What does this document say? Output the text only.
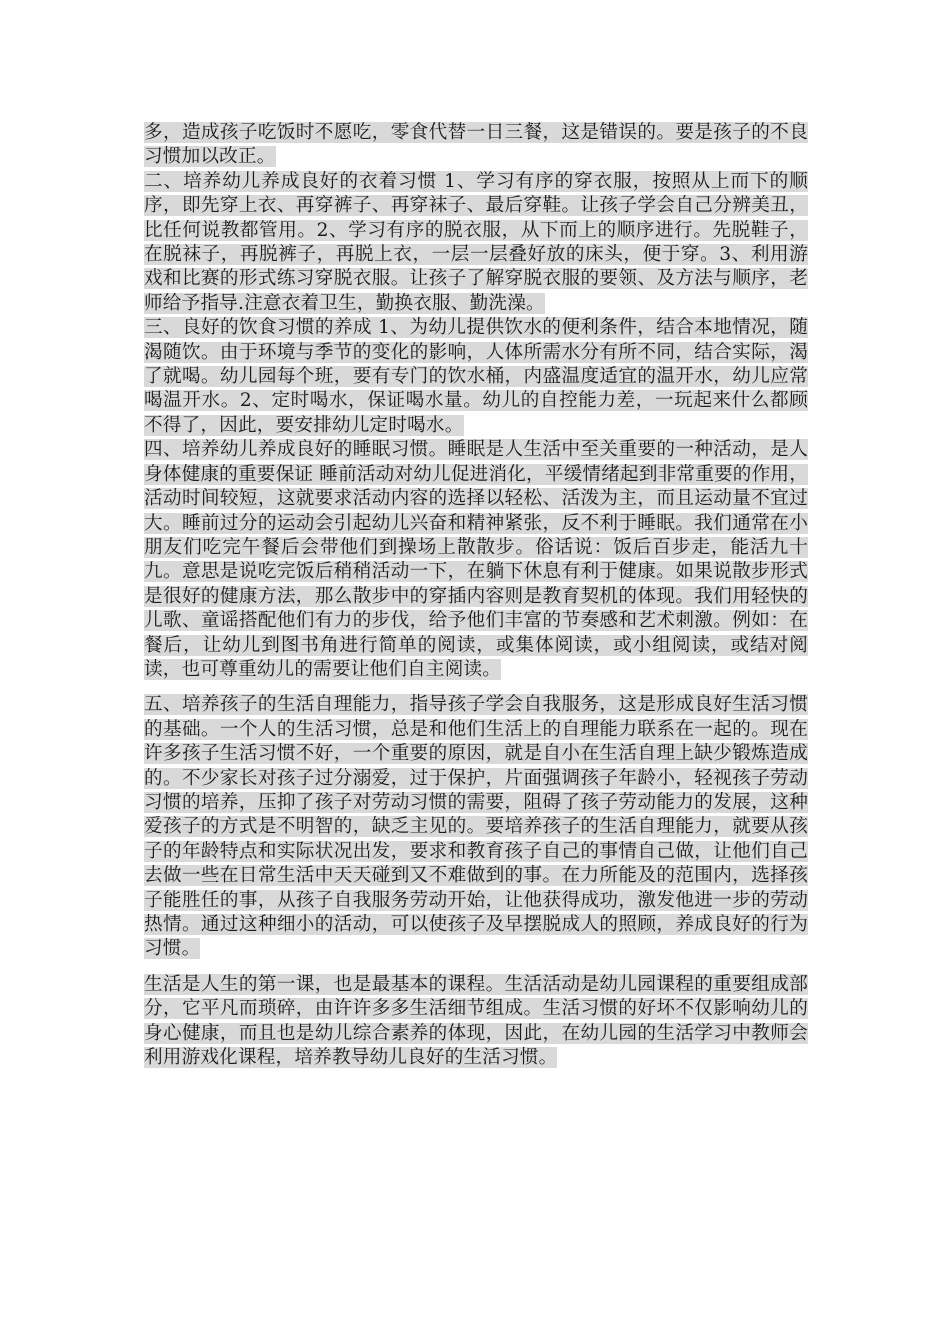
多，造成孩子吃饭时不愿吃，零食代替一日三餐，这是错误的。要是孩子的不良习惯加以改正。

二、培养幼儿养成良好的衣着习惯 1、学习有序的穿衣服，按照从上而下的顺序，即先穿上衣、再穿裤子、再穿袜子、最后穿鞋。让孩子学会自己分辨美丑，比任何说教都管用。2、学习有序的脱衣服，从下而上的顺序进行。先脱鞋子，在脱袜子，再脱裤子，再脱上衣，一层一层叠好放的床头，便于穿。3、利用游戏和比赛的形式练习穿脱衣服。让孩子了解穿脱衣服的要领、及方法与顺序，老师给予指导.注意衣着卫生，勤换衣服、勤洗澡。

三、良好的饮食习惯的养成 1、为幼儿提供饮水的便利条件，结合本地情况，随渴随饮。由于环境与季节的变化的影响，人体所需水分有所不同，结合实际，渴了就喝。幼儿园每个班，要有专门的饮水桶，内盛温度适宜的温开水，幼儿应常喝温开水。2、定时喝水，保证喝水量。幼儿的自控能力差，一玩起来什么都顾不得了，因此，要安排幼儿定时喝水。

四、培养幼儿养成良好的睡眠习惯。睡眠是人生活中至关重要的一种活动，是人身体健康的重要保证 睡前活动对幼儿促进消化，平缓情绪起到非常重要的作用，活动时间较短，这就要求活动内容的选择以轻松、活泼为主，而且运动量不宜过大。睡前过分的运动会引起幼儿兴奋和精神紧张，反不利于睡眠。我们通常在小朋友们吃完午餐后会带他们到操场上散散步。俗话说：饭后百步走，能活九十九。意思是说吃完饭后稍稍活动一下，在躺下休息有利于健康。如果说散步形式是很好的健康方法，那么散步中的穿插内容则是教育契机的体现。我们用轻快的儿歌、童谣搭配他们有力的步伐，给予他们丰富的节奏感和艺术刺激。例如：在餐后，让幼儿到图书角进行简单的阅读，或集体阅读，或小组阅读，或结对阅读，也可尊重幼儿的需要让他们自主阅读。

五、培养孩子的生活自理能力，指导孩子学会自我服务，这是形成良好生活习惯的基础。一个人的生活习惯，总是和他们生活上的自理能力联系在一起的。现在许多孩子生活习惯不好，一个重要的原因，就是自小在生活自理上缺少锻炼造成的。不少家长对孩子过分溺爱，过于保护，片面强调孩子年龄小，轻视孩子劳动习惯的培养，压抑了孩子对劳动习惯的需要，阻碍了孩子劳动能力的发展，这种爱孩子的方式是不明智的，缺乏主见的。要培养孩子的生活自理能力，就要从孩子的年龄特点和实际状况出发，要求和教育孩子自己的事情自己做，让他们自己去做一些在日常生活中天天碰到又不难做到的事。在力所能及的范围内，选择孩子能胜任的事，从孩子自我服务劳动开始，让他获得成功，激发他进一步的劳动热情。通过这种细小的活动，可以使孩子及早摆脱成人的照顾，养成良好的行为习惯。

生活是人生的第一课，也是最基本的课程。生活活动是幼儿园课程的重要组成部分，它平凡而琐碎，由许许多多生活细节组成。生活习惯的好坏不仅影响幼儿的身心健康，而且也是幼儿综合素养的体现，因此，在幼儿园的生活学习中教师会利用游戏化课程，培养教导幼儿良好的生活习惯。
